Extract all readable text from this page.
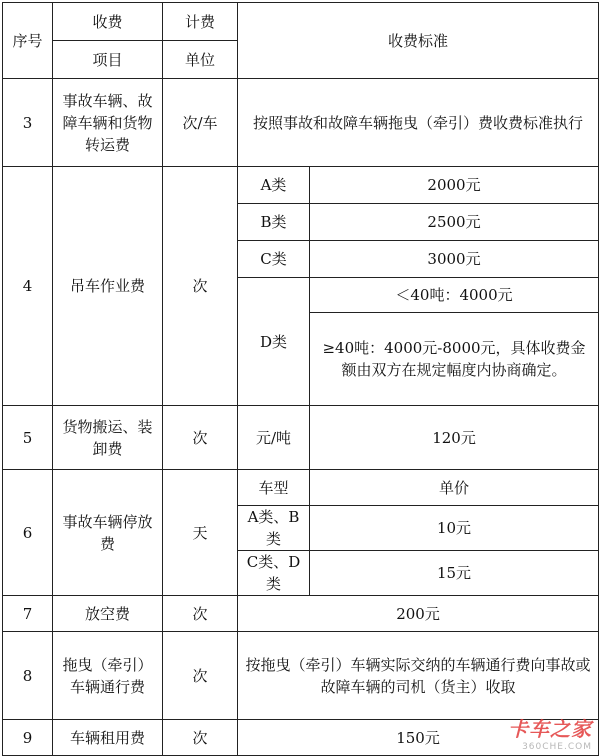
序号	收费	计费	收费标准	
	项目	单位		
3	事故车辆、故障车辆和货物转运费	次/车	按照事故和故障车辆拖曳（牵引）费收费标准执行	
4	吊车作业费	次	A类	2000元
			B类	2500元
			C类	3000元
			D类	＜40吨：4000元
				≥40吨：4000元-8000元，具体收费金额由双方在规定幅度内协商确定。
5	货物搬运、装卸费	次	元/吨	120元
6	事故车辆停放费	天	车型	单价
			A类、B类	10元
			C类、D类	15元
7	放空费	次	200元	
8	拖曳（牵引）车辆通行费	次	按拖曳（牵引）车辆实际交纳的车辆通行费向事故或故障车辆的司机（货主）收取	
9	车辆租用费	次	150元		卡车之家
360CHE.COM
